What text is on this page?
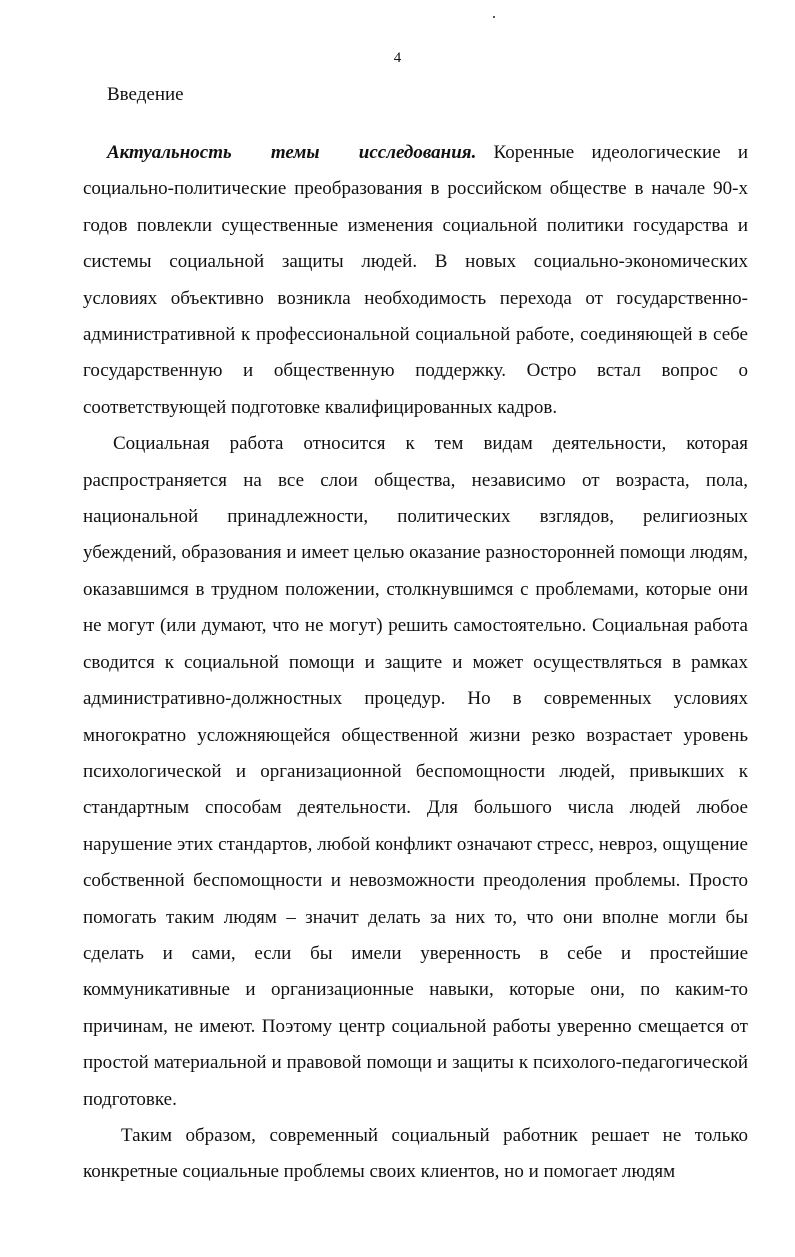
4
Введение

Актуальность темы исследования. Коренные идеологические и социально-политические преобразования в российском обществе в начале 90-х годов повлекли существенные изменения социальной политики государства и системы социальной защиты людей. В новых социально-экономических условиях объективно возникла необходимость перехода от государственно-административной к профессиональной социальной работе, соединяющей в себе государственную и общественную поддержку. Остро встал вопрос о соответствующей подготовке квалифицированных кадров.

Социальная работа относится к тем видам деятельности, которая распространяется на все слои общества, независимо от возраста, пола, национальной принадлежности, политических взглядов, религиозных убеждений, образования и имеет целью оказание разносторонней помощи людям, оказавшимся в трудном положении, столкнувшимся с проблемами, которые они не могут (или думают, что не могут) решить самостоятельно. Социальная работа сводится к социальной помощи и защите и может осуществляться в рамках административно-должностных процедур. Но в современных условиях многократно усложняющейся общественной жизни резко возрастает уровень психологической и организационной беспомощности людей, привыкших к стандартным способам деятельности. Для большого числа людей любое нарушение этих стандартов, любой конфликт означают стресс, невроз, ощущение собственной беспомощности и невозможности преодоления проблемы. Просто помогать таким людям – значит делать за них то, что они вполне могли бы сделать и сами, если бы имели уверенность в себе и простейшие коммуникативные и организационные навыки, которые они, по каким-то причинам, не имеют. Поэтому центр социальной работы уверенно смещается от простой материальной и правовой помощи и защиты к психолого-педагогической подготовке.

Таким образом, современный социальный работник решает не только конкретные социальные проблемы своих клиентов, но и помогает людям
